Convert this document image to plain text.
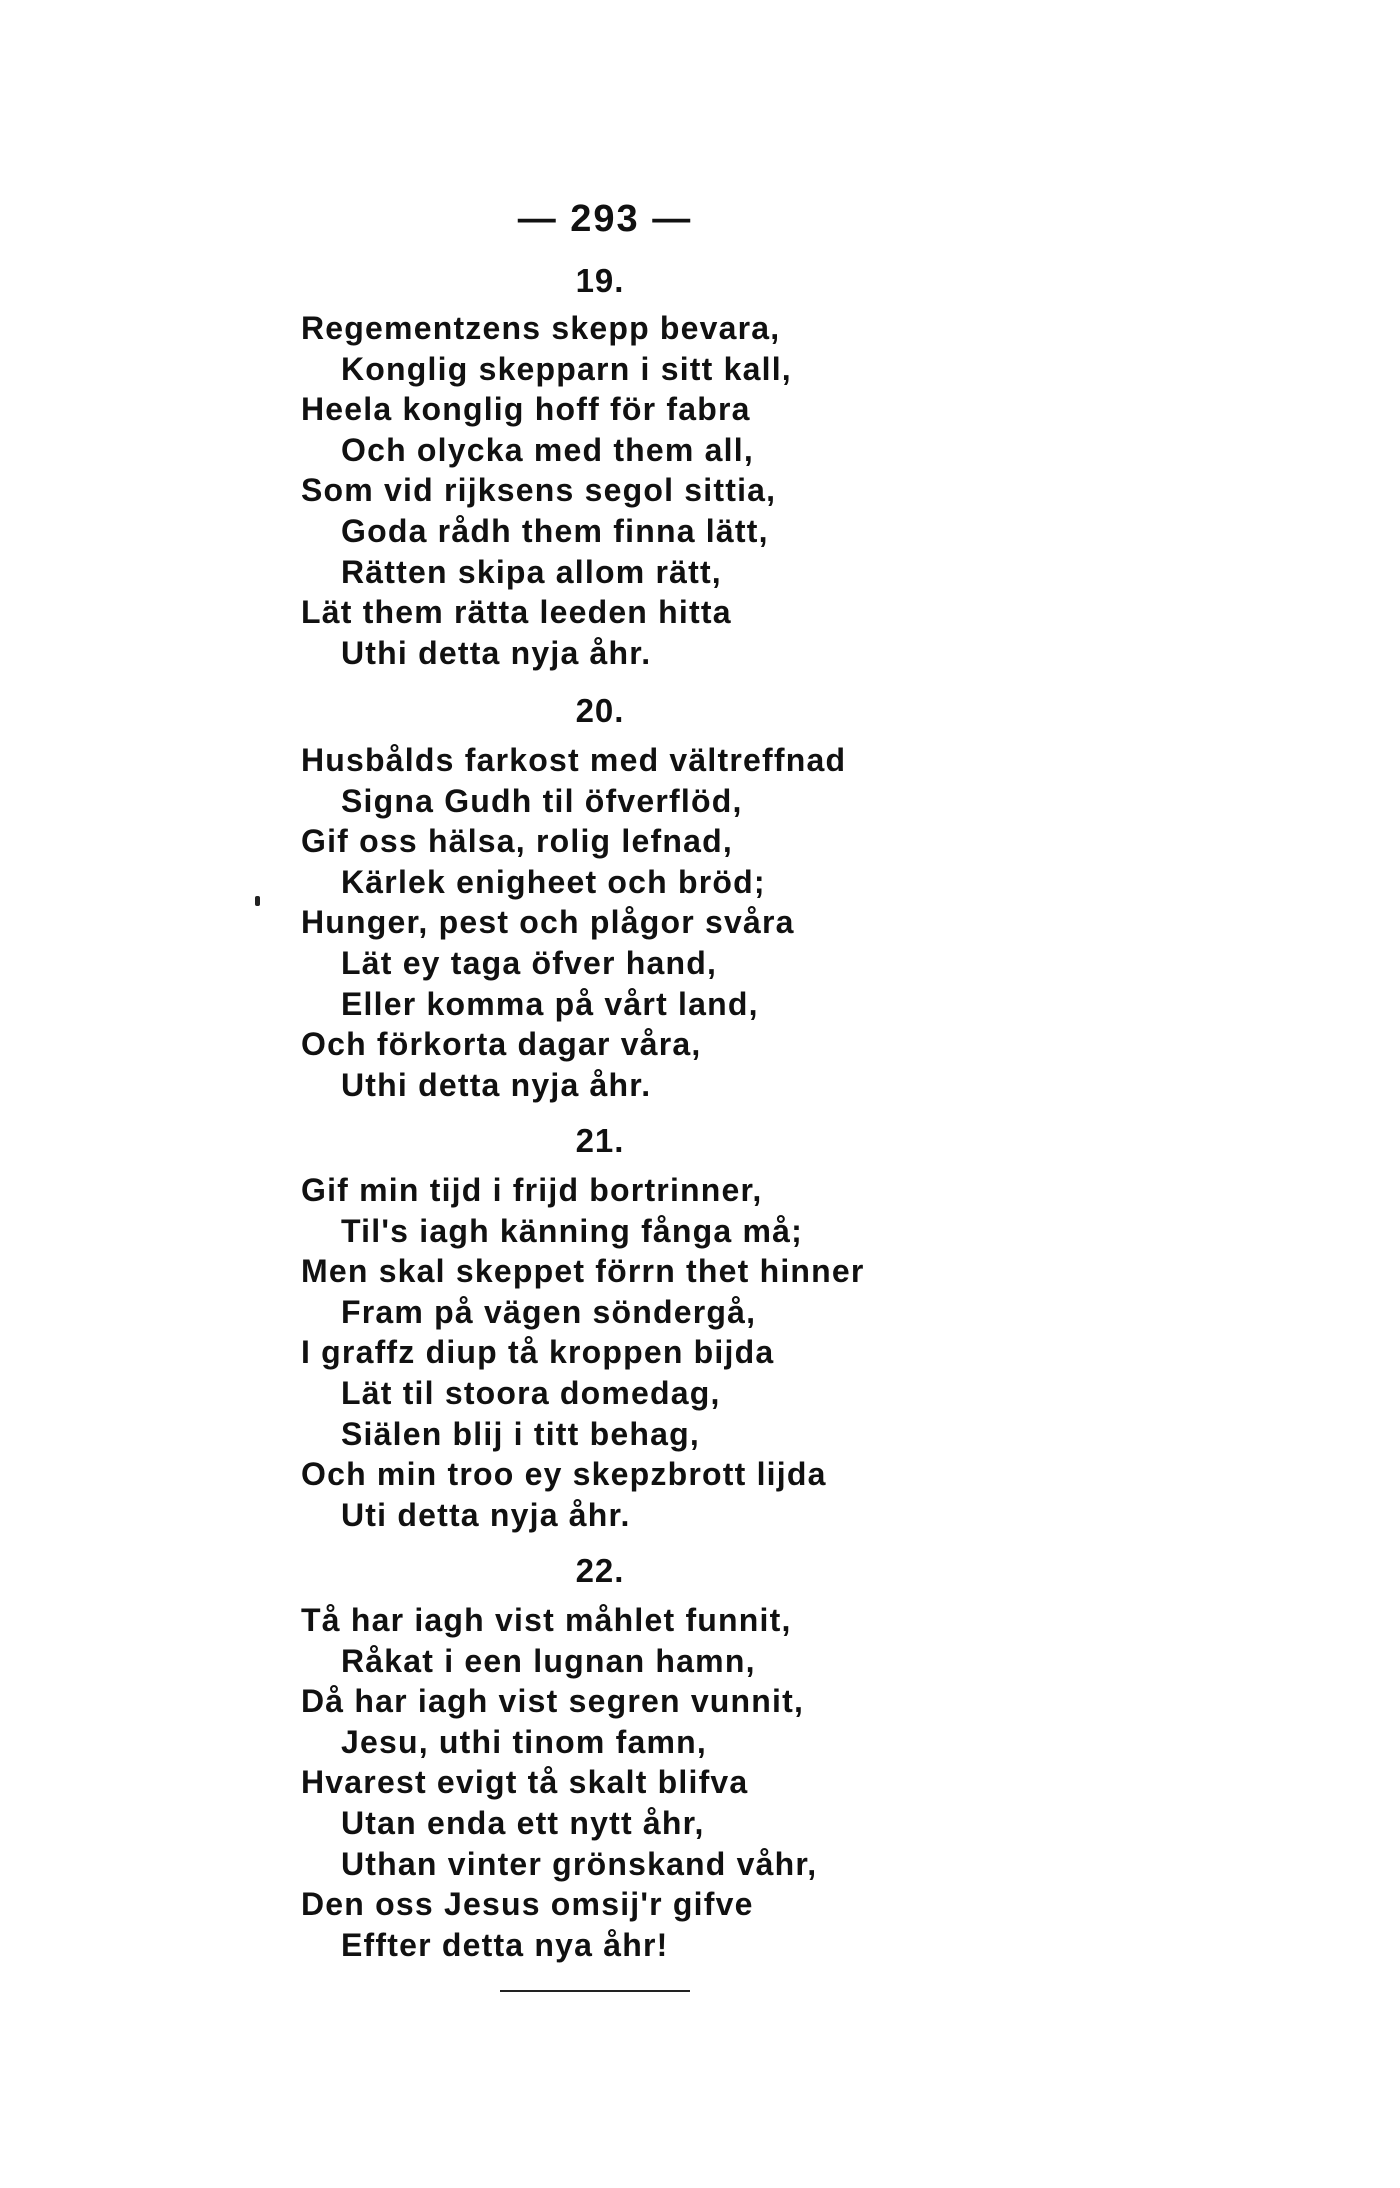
— 293 —

19.

Regementzens skepp bevara,
Konglig skepparn i sitt kall,
Heela konglig hoff för fabra
Och olycka med them all,
Som vid rijksens segol sittia,
Goda rådh them finna lätt,
Rätten skipa allom rätt,
Lät them rätta leeden hitta
Uthi detta nyja åhr.

20.

Husbålds farkost med vältreffnad
Signa Gudh til öfverflöd,
Gif oss hälsa, rolig lefnad,
Kärlek enigheet och bröd;
Hunger, pest och plågor svåra
Lät ey taga öfver hand,
Eller komma på vårt land,
Och förkorta dagar våra,
Uthi detta nyja åhr.

21.

Gif min tijd i frijd bortrinner,
Til's iagh känning fånga må;
Men skal skeppet förrn thet hinner
Fram på vägen söndergå,
I graffz diup tå kroppen bijda
Lät til stoora domedag,
Siälen blij i titt behag,
Och min troo ey skepzbrott lijda
Uti detta nyja åhr.

22.

Tå har iagh vist måhlet funnit,
Råkat i een lugnan hamn,
Då har iagh vist segren vunnit,
Jesu, uthi tinom famn,
Hvarest evigt tå skalt blifva
Utan enda ett nytt åhr,
Uthan vinter grönskand våhr,
Den oss Jesus omsij'r gifve
Effter detta nya åhr!
